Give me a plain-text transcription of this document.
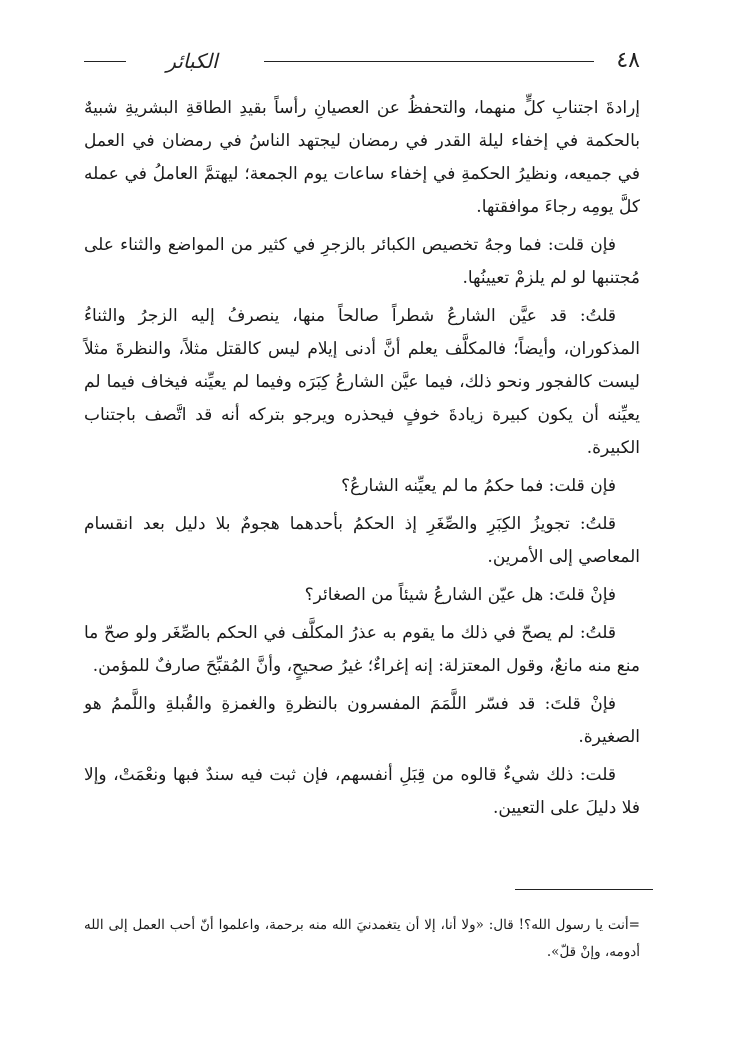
٤٨
الكبائر

إرادةَ اجتنابِ كلٍّ منهما، والتحفظُ عن العصيانِ رأساً بقيدِ الطاقةِ البشريةِ شبيهٌ بالحكمة في إخفاء ليلة القدر في رمضان ليجتهد الناسُ في رمضان في العمل في جميعه، ونظيرُ الحكمةِ في إخفاء ساعات يوم الجمعة؛ ليهتمَّ العاملُ في عمله كلَّ يومِه رجاءَ موافقتها.

فإن قلت: فما وجهُ تخصيص الكبائر بالزجرِ في كثير من المواضع والثناء على مُجتنبها لو لم يلزمْ تعيينُها.

قلتُ: قد عيَّن الشارعُ شطراً صالحاً منها، ينصرفُ إليه الزجرُ والثناءُ المذكوران، وأيضاً؛ فالمكلَّف يعلم أنَّ أدنى إيلام ليس كالقتل مثلاً، والنظرةَ مثلاً ليست كالفجور ونحو ذلك، فيما عيَّن الشارعُ كِبَرَه وفيما لم يعيِّنه فيخاف فيما لم يعيِّنه أن يكون كبيرة زيادةَ خوفٍ فيحذره ويرجو بتركه أنه قد اتَّصف باجتناب الكبيرة.

فإن قلت: فما حكمُ ما لم يعيِّنه الشارعُ؟

قلتُ: تجويزُ الكِبَرِ والصِّغَرِ إذ الحكمُ بأحدهما هجومٌ بلا دليل بعد انقسام المعاصي إلى الأمرين.

فإنْ قلتَ: هل عيّن الشارعُ شيئاً من الصغائر؟

قلتُ: لم يصحّ في ذلك ما يقوم به عذرُ المكلَّف في الحكم بالصِّغَر ولو صحّ ما منع منه مانعٌ، وقول المعتزلة: إنه إغراءٌ؛ غيرُ صحيحٍ، وأنَّ المُقبِّحَ صارفٌ للمؤمن.

فإنْ قلتَ: قد فسّر اللَّمَمَ المفسرون بالنظرةِ والغمزةِ والقُبلةِ واللَّممُ هو الصغيرة.

قلت: ذلك شيءٌ قالوه من قِبَلِ أنفسهم، فإن ثبت فيه سندٌ فبها ونعْمَتْ، وإلا فلا دليلَ على التعيين.

=أنت يا رسول الله؟! قال: «ولا أنا، إلا أن يتغمدنيَ الله منه برحمة، واعلموا أنّ أحب العمل إلى الله أدومه، وإنْ قلّ».
